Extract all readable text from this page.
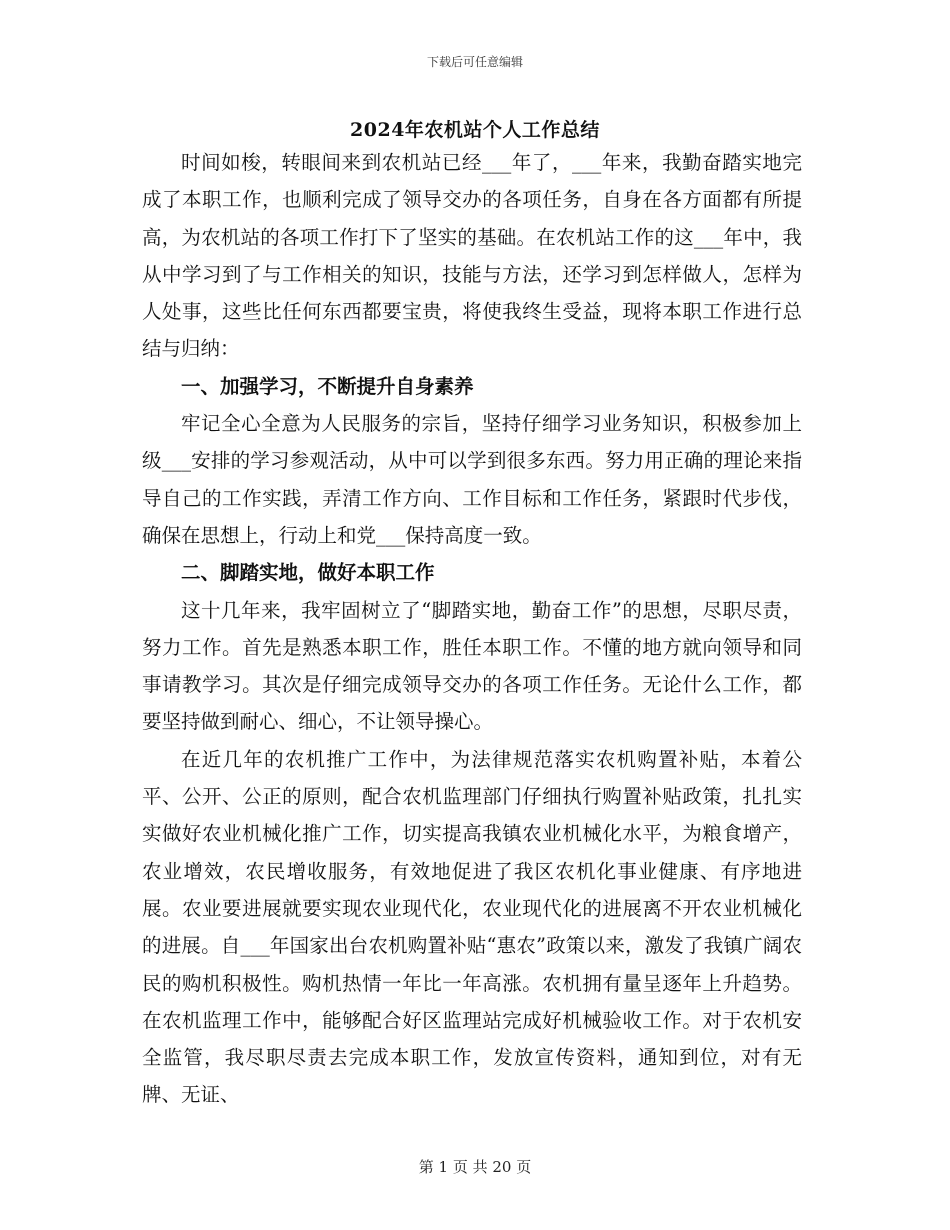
下载后可任意编辑
2024年农机站个人工作总结

时间如梭，转眼间来到农机站已经___年了，___年来，我勤奋踏实地完成了本职工作，也顺利完成了领导交办的各项任务，自身在各方面都有所提高，为农机站的各项工作打下了坚实的基础。在农机站工作的这___年中，我从中学习到了与工作相关的知识，技能与方法，还学习到怎样做人，怎样为人处事，这些比任何东西都要宝贵，将使我终生受益，现将本职工作进行总结与归纳：

一、加强学习，不断提升自身素养

牢记全心全意为人民服务的宗旨，坚持仔细学习业务知识，积极参加上级___安排的学习参观活动，从中可以学到很多东西。努力用正确的理论来指导自己的工作实践，弄清工作方向、工作目标和工作任务，紧跟时代步伐，确保在思想上，行动上和党___保持高度一致。

二、脚踏实地，做好本职工作

这十几年来，我牢固树立了“脚踏实地，勤奋工作”的思想，尽职尽责，努力工作。首先是熟悉本职工作，胜任本职工作。不懂的地方就向领导和同事请教学习。其次是仔细完成领导交办的各项工作任务。无论什么工作，都要坚持做到耐心、细心，不让领导操心。

在近几年的农机推广工作中，为法律规范落实农机购置补贴，本着公平、公开、公正的原则，配合农机监理部门仔细执行购置补贴政策，扎扎实实做好农业机械化推广工作，切实提高我镇农业机械化水平，为粮食增产，农业增效，农民增收服务，有效地促进了我区农机化事业健康、有序地进展。农业要进展就要实现农业现代化，农业现代化的进展离不开农业机械化的进展。自___年国家出台农机购置补贴“惠农”政策以来，激发了我镇广阔农民的购机积极性。购机热情一年比一年高涨。农机拥有量呈逐年上升趋势。在农机监理工作中，能够配合好区监理站完成好机械验收工作。对于农机安全监管，我尽职尽责去完成本职工作，发放宣传资料，通知到位，对有无牌、无证、

第 1 页 共 20 页
